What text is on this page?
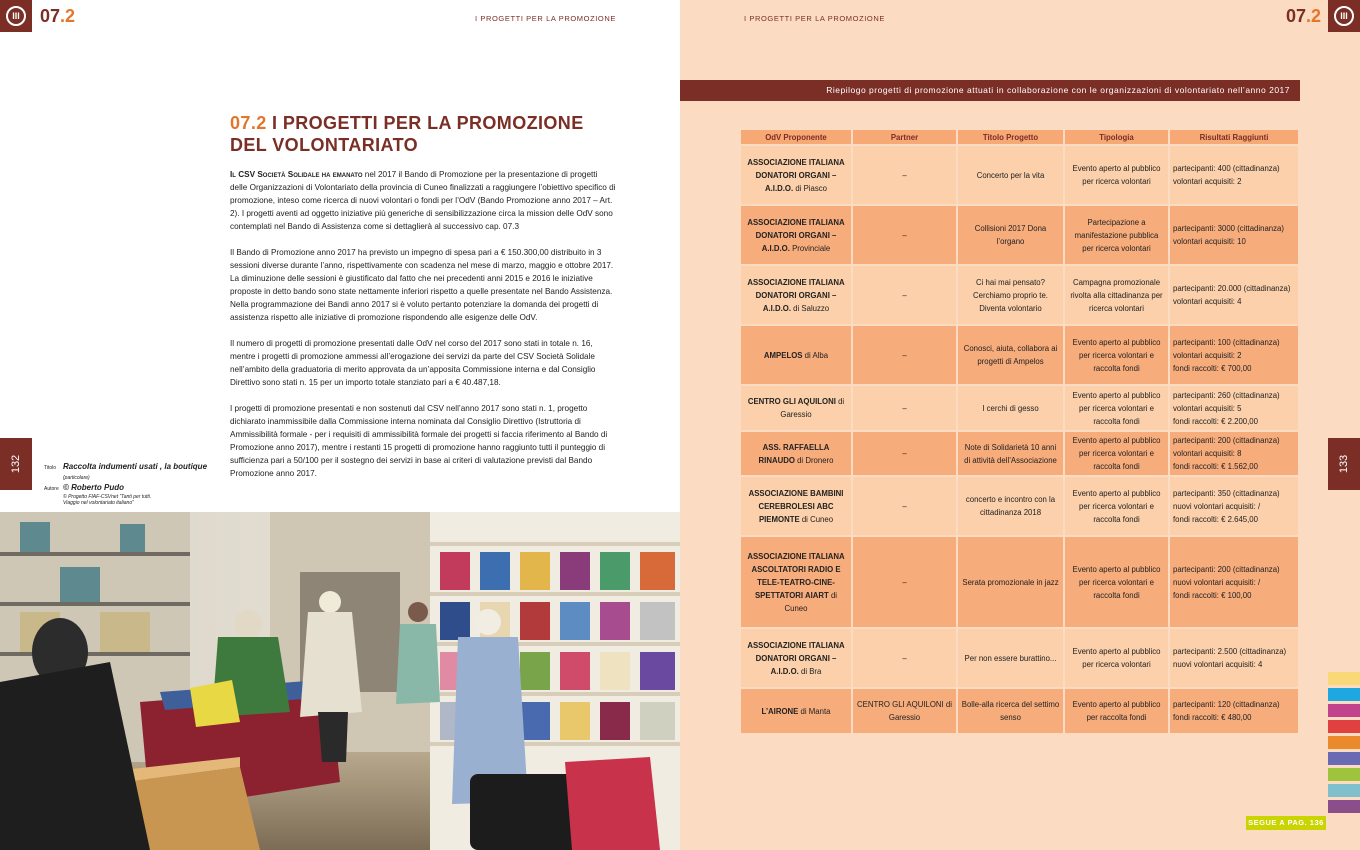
III	07.2	I PROGETTI PER LA PROMOZIONE
07.2 I PROGETTI PER LA PROMOZIONE
DEL VOLONTARIATO

Il CSV Società Solidale ha emanato nel 2017 il Bando di Promozione per la presentazione di progetti delle Organizzazioni di Volontariato della provincia di Cuneo finalizzati a raggiungere l’obiettivo specifico di promozione, inteso come ricerca di nuovi volontari o fondi per l’OdV (Bando Promozione anno 2017 – Art. 2). I progetti aventi ad oggetto iniziative più generiche di sensibilizzazione circa la mission delle OdV sono contemplati nel Bando di Assistenza come si dettaglierà al successivo cap. 07.3

Il Bando di Promozione anno 2017 ha previsto un impegno di spesa pari a € 150.300,00 distribuito in 3 sessioni diverse durante l’anno, rispettivamente con scadenza nel mese di marzo, maggio e ottobre 2017. La diminuzione delle sessioni è giustificato dal fatto che nei precedenti anni 2015 e 2016 le iniziative proposte in detto bando sono state nettamente inferiori rispetto a quelle presentate nel Bando Assistenza. Nella programmazione dei Bandi anno 2017 si è voluto pertanto potenziare la domanda dei progetti di assistenza rispetto alle iniziative di promozione rispondendo alle esigenze delle OdV.

Il numero di progetti di promozione presentati dalle OdV nel corso del 2017 sono stati in totale n. 16, mentre i progetti di promozione ammessi all’erogazione dei servizi da parte del CSV Società Solidale nell’ambito della graduatoria di merito approvata da un’apposita Commissione interna e dal Consiglio Direttivo sono stati n. 15 per un importo totale stanziato pari a € 40.487,18.

I progetti di promozione presentati e non sostenuti dal CSV nell’anno 2017 sono stati n. 1, progetto dichiarato inammissibile dalla Commissione interna nominata dal Consiglio Direttivo (Istruttoria di Ammissibilità formale - per i requisiti di ammissibilità formale dei progetti si faccia riferimento al Bando di Promozione anno 2017), mentre i restanti 15 progetti di promozione hanno raggiunto tutti il punteggio di sufficienza pari a 50/100 per il sostegno dei servizi in base ai criteri di valutazione previsti dal Bando Promozione anno 2017.

132	Titolo Raccolta indumenti usati , la boutique
(particolare)
Autore © Roberto Pudo
© Progetto FIAF-CSVnet “Tanti per tutti. Viaggio nel volontariato italiano”
I PROGETTI PER LA PROMOZIONE	07.2	III
Riepilogo progetti di promozione attuati in collaborazione con le organizzazioni di volontariato nell’anno 2017
OdV Proponente	Partner	Titolo Progetto	Tipologia	Risultati Raggiunti
ASSOCIAZIONE ITALIANA DONATORI ORGANI – A.I.D.O. di Piasco	–	Concerto per la vita	Evento aperto al pubblico per ricerca volontari	partecipanti: 400 (cittadinanza)
volontari acquisiti: 2

ASSOCIAZIONE ITALIANA DONATORI ORGANI – A.I.D.O. Provinciale	–	Collisioni 2017 Dona l’organo	Partecipazione a manifestazione pubblica per ricerca volontari	partecipanti: 3000 (cittadinanza)
volontari acquisiti: 10

ASSOCIAZIONE ITALIANA DONATORI ORGANI – A.I.D.O. di Saluzzo	–	Ci hai mai pensato? Cerchiamo proprio te. Diventa volontario	Campagna promozionale rivolta alla cittadinanza per ricerca volontari	partecipanti: 20.000 (cittadinanza)
volontari acquisiti: 4

AMPELOS di Alba	–	Conosci, aiuta, collabora ai progetti di Ampelos	Evento aperto al pubblico per ricerca volontari e raccolta fondi	partecipanti: 100 (cittadinanza)
volontari acquisiti: 2
fondi raccolti: € 700,00

CENTRO GLI AQUILONI di Garessio	–	I cerchi di gesso	Evento aperto al pubblico per ricerca volontari e raccolta fondi	partecipanti: 260 (cittadinanza)
volontari acquisiti: 5
fondi raccolti: € 2.200,00

ASS. RAFFAELLA RINAUDO di Dronero	–	Note di Solidarietà 10 anni di attività dell’Associazione	Evento aperto al pubblico per ricerca volontari e raccolta fondi	partecipanti: 200 (cittadinanza)
volontari acquisiti: 8
fondi raccolti: € 1.562,00

ASSOCIAZIONE BAMBINI CEREBROLESI ABC PIEMONTE di Cuneo	–	concerto e incontro con la cittadinanza 2018	Evento aperto al pubblico per ricerca volontari e raccolta fondi	partecipanti: 350 (cittadinanza)
nuovi volontari acquisiti: /
fondi raccolti: € 2.645,00

ASSOCIAZIONE ITALIANA ASCOLTATORI RADIO E TELE-TEATRO-CINE-SPETTATORI AIART di Cuneo	–	Serata promozionale in jazz	Evento aperto al pubblico per ricerca volontari e raccolta fondi	partecipanti: 200 (cittadinanza)
nuovi volontari acquisiti: /
fondi raccolti: € 100,00

ASSOCIAZIONE ITALIANA DONATORI ORGANI – A.I.D.O. di Bra	–	Per non essere burattino...	Evento aperto al pubblico per ricerca volontari	partecipanti: 2.500 (cittadinanza)
nuovi volontari acquisiti: 4

L’AIRONE di Manta	CENTRO GLI AQUILONI di Garessio	Bolle-alla ricerca del settimo senso	Evento aperto al pubblico per raccolta fondi	partecipanti: 120 (cittadinanza)
fondi raccolti: € 480,00
133
SEGUE A PAG. 136
